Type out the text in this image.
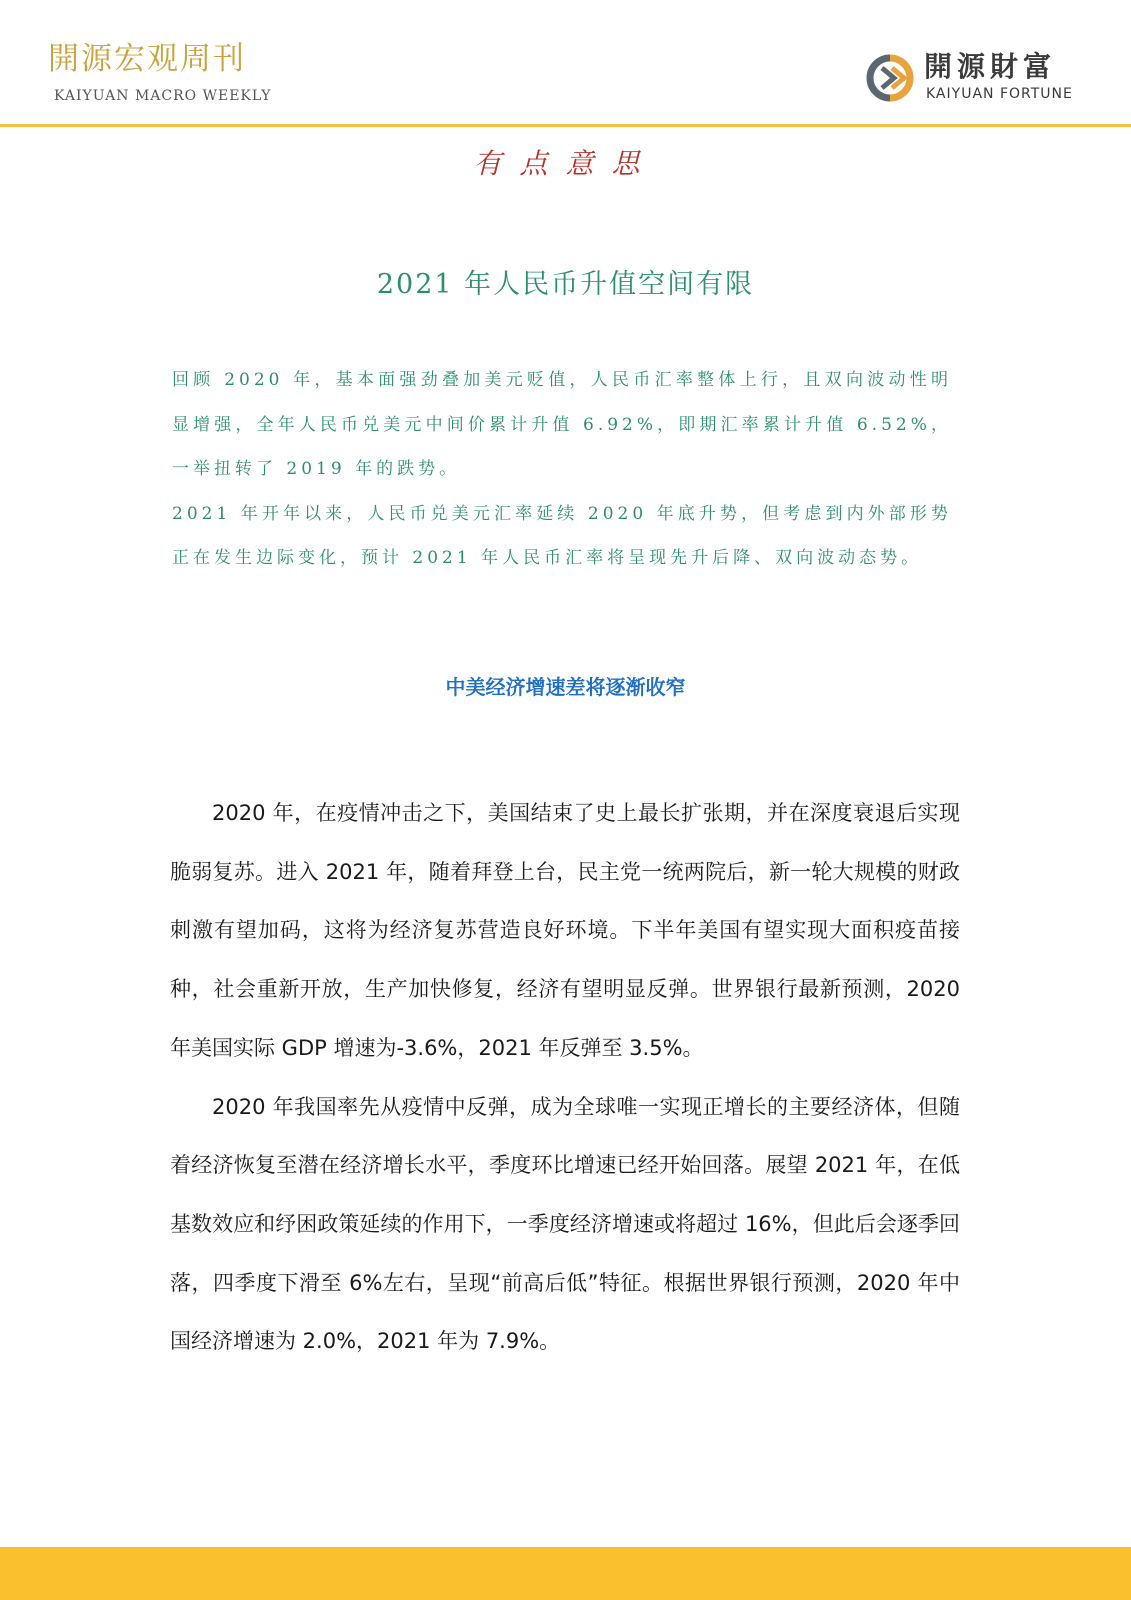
開源宏观周刊
KAIYUAN MACRO WEEKLY
開源財富
KAIYUAN FORTUNE
有点意思
2021 年人民币升值空间有限

回顾 2020 年，基本面强劲叠加美元贬值，人民币汇率整体上行，且双向波动性明显增强，全年人民币兑美元中间价累计升值 6.92%，即期汇率累计升值 6.52%，一举扭转了 2019 年的跌势。

2021 年开年以来，人民币兑美元汇率延续 2020 年底升势，但考虑到内外部形势正在发生边际变化，预计 2021 年人民币汇率将呈现先升后降、双向波动态势。

中美经济增速差将逐渐收窄

2020 年，在疫情冲击之下，美国结束了史上最长扩张期，并在深度衰退后实现脆弱复苏。进入 2021 年，随着拜登上台，民主党一统两院后，新一轮大规模的财政刺激有望加码，这将为经济复苏营造良好环境。下半年美国有望实现大面积疫苗接种，社会重新开放，生产加快修复，经济有望明显反弹。世界银行最新预测，2020 年美国实际 GDP 增速为-3.6%，2021 年反弹至 3.5%。

2020 年我国率先从疫情中反弹，成为全球唯一实现正增长的主要经济体，但随着经济恢复至潜在经济增长水平，季度环比增速已经开始回落。展望 2021 年，在低基数效应和纾困政策延续的作用下，一季度经济增速或将超过 16%，但此后会逐季回落，四季度下滑至 6%左右，呈现“前高后低”特征。根据世界银行预测，2020 年中国经济增速为 2.0%，2021 年为 7.9%。
